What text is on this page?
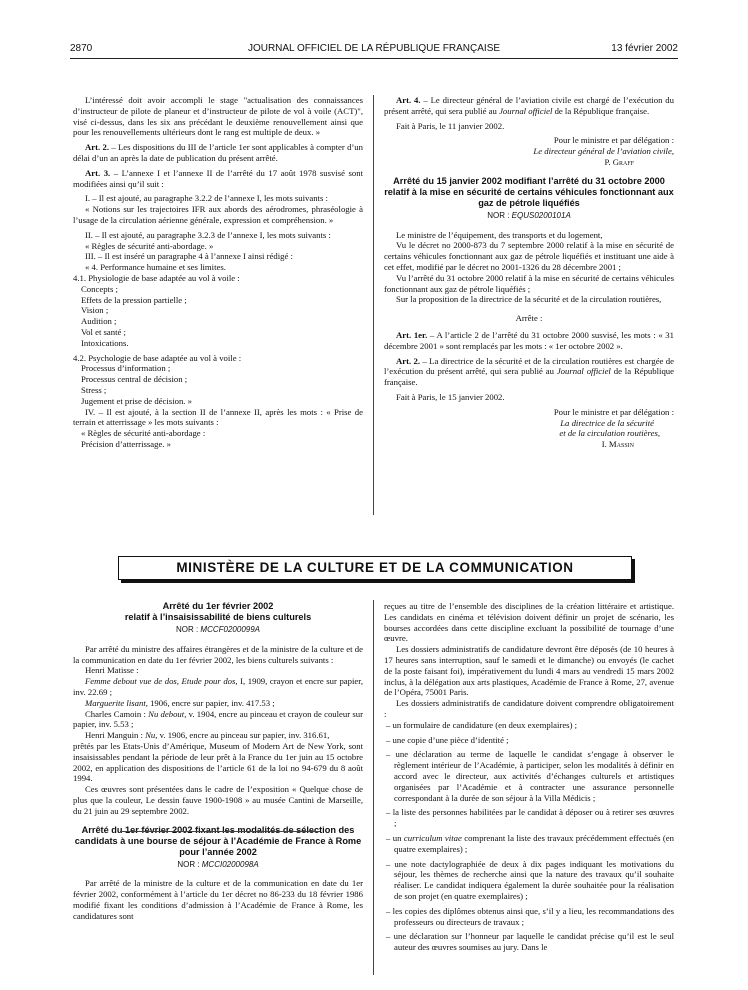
2870	JOURNAL OFFICIEL DE LA RÉPUBLIQUE FRANÇAISE	13 février 2002

L’intéressé doit avoir accompli le stage "actualisation des connaissances d’instructeur de pilote de planeur et d’instructeur de pilote de vol à voile (ACT)", visé ci-dessus, dans les six ans précédant le deuxième renouvellement ainsi que pour les renouvellements ultérieurs dont le rang est multiple de deux. »

Art. 2. – Les dispositions du III de l’article 1er sont applicables à compter d’un délai d’un an après la date de publication du présent arrêté.

Art. 3. – L’annexe I et l’annexe II de l’arrêté du 17 août 1978 susvisé sont modifiées ainsi qu’il suit :

I. – Il est ajouté, au paragraphe 3.2.2 de l’annexe I, les mots suivants :

« Notions sur les trajectoires IFR aux abords des aérodromes, phraséologie à l’usage de la circulation aérienne générale, expression et compréhension. »

II. – Il est ajouté, au paragraphe 3.2.3 de l’annexe I, les mots suivants :

« Règles de sécurité anti-abordage. »

III. – Il est inséré un paragraphe 4 à l’annexe I ainsi rédigé :

« 4. Performance humaine et ses limites.

4.1. Physiologie de base adaptée au vol à voile :

Concepts ;

Effets de la pression partielle ;

Vision ;

Audition ;

Vol et santé ;

Intoxications.

4.2. Psychologie de base adaptée au vol à voile :

Processus d’information ;

Processus central de décision ;

Stress ;

Jugement et prise de décision. »

IV. – Il est ajouté, à la section II de l’annexe II, après les mots : « Prise de terrain et atterrissage » les mots suivants :

« Règles de sécurité anti-abordage :

Précision d’atterrissage. »

Art. 4. – Le directeur général de l’aviation civile est chargé de l’exécution du présent arrêté, qui sera publié au Journal officiel de la République française.

Fait à Paris, le 11 janvier 2002.

Pour le ministre et par délégation :

Le directeur général de l’aviation civile,

P. Graff

Arrêté du 15 janvier 2002 modifiant l’arrêté du 31 octobre 2000 relatif à la mise en sécurité de certains véhicules fonctionnant aux gaz de pétrole liquéfiés
NOR : EQUS0200101A

Le ministre de l’équipement, des transports et du logement,

Vu le décret no 2000-873 du 7 septembre 2000 relatif à la mise en sécurité de certains véhicules fonctionnant aux gaz de pétrole liquéfiés et instituant une aide à cet effet, modifié par le décret no 2001-1326 du 28 décembre 2001 ;

Vu l’arrêté du 31 octobre 2000 relatif à la mise en sécurité de certains véhicules fonctionnant aux gaz de pétrole liquéfiés ;

Sur la proposition de la directrice de la sécurité et de la circulation routières,

Arrête :

Art. 1er. – A l’article 2 de l’arrêté du 31 octobre 2000 susvisé, les mots : « 31 décembre 2001 » sont remplacés par les mots : « 1er octobre 2002 ».

Art. 2. – La directrice de la sécurité et de la circulation routières est chargée de l’exécution du présent arrêté, qui sera publié au Journal officiel de la République française.

Fait à Paris, le 15 janvier 2002.

Pour le ministre et par délégation :

La directrice de la sécurité

et de la circulation routières,

I. Massin

MINISTÈRE DE LA CULTURE ET DE LA COMMUNICATION
Arrêté du 1er février 2002
relatif à l’insaisissabilité de biens culturels
NOR : MCCF0200099A

Par arrêté du ministre des affaires étrangères et de la ministre de la culture et de la communication en date du 1er février 2002, les biens culturels suivants :

Henri Matisse :

Femme debout vue de dos, Etude pour dos, I, 1909, crayon et encre sur papier, inv. 22.69 ;

Marguerite lisant, 1906, encre sur papier, inv. 417.53 ;

Charles Camoin : Nu debout, v. 1904, encre au pinceau et crayon de couleur sur papier, inv. 5.53 ;

Henri Manguin : Nu, v. 1906, encre au pinceau sur papier, inv. 316.61,

prêtés par les Etats-Unis d’Amérique, Museum of Modern Art de New York, sont insaisissables pendant la période de leur prêt à la France du 1er juin au 15 octobre 2002, en application des dispositions de l’article 61 de la loi no 94-679 du 8 août 1994.

Ces œuvres sont présentées dans le cadre de l’exposition « Quelque chose de plus que la couleur, Le dessin fauve 1900-1908 » au musée Cantini de Marseille, du 21 juin au 29 septembre 2002.

Arrêté du 1er février 2002 fixant les modalités de sélection des candidats à une bourse de séjour à l’Académie de France à Rome pour l’année 2002
NOR : MCCI0200098A

Par arrêté de la ministre de la culture et de la communication en date du 1er février 2002, conformément à l’article du 1er décret no 86-233 du 18 février 1986 modifié fixant les conditions d’admission à l’Académie de France à Rome, les candidatures sont

reçues au titre de l’ensemble des disciplines de la création littéraire et artistique. Les candidats en cinéma et télévision doivent définir un projet de scénario, les bourses accordées dans cette discipline excluant la possibilité de tournage d’une œuvre.

Les dossiers administratifs de candidature devront être déposés (de 10 heures à 17 heures sans interruption, sauf le samedi et le dimanche) ou envoyés (le cachet de la poste faisant foi), impérativement du lundi 4 mars au vendredi 15 mars 2002 inclus, à la délégation aux arts plastiques, Académie de France à Rome, 27, avenue de l’Opéra, 75001 Paris.

Les dossiers administratifs de candidature doivent comprendre obligatoirement :

– un formulaire de candidature (en deux exemplaires) ;

– une copie d’une pièce d’identité ;

– une déclaration au terme de laquelle le candidat s’engage à observer le règlement intérieur de l’Académie, à participer, selon les modalités à définir en accord avec le directeur, aux activités d’échanges culturels et artistiques organisées par l’Académie et à contracter une assurance personnelle correspondant à la durée de son séjour à la Villa Médicis ;

– la liste des personnes habilitées par le candidat à déposer ou à retirer ses œuvres ;

– un curriculum vitae comprenant la liste des travaux précédemment effectués (en quatre exemplaires) ;

– une note dactylographiée de deux à dix pages indiquant les motivations du séjour, les thèmes de recherche ainsi que la nature des travaux qu’il souhaite réaliser. Le candidat indiquera également la durée souhaitée pour la réalisation de son projet (en quatre exemplaires) ;

– les copies des diplômes obtenus ainsi que, s’il y a lieu, les recommandations des professeurs ou directeurs de travaux ;

– une déclaration sur l’honneur par laquelle le candidat précise qu’il est le seul auteur des œuvres soumises au jury. Dans le
